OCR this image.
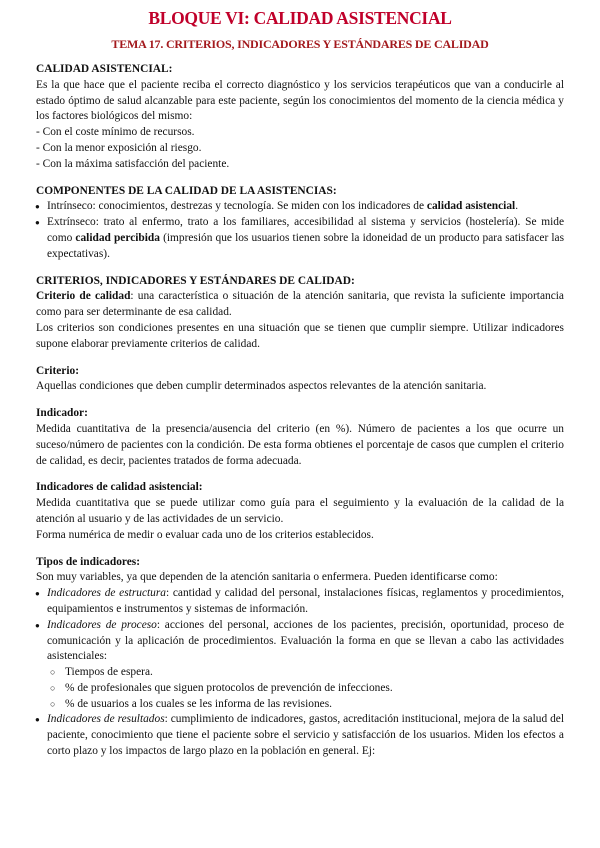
BLOQUE VI: CALIDAD ASISTENCIAL
TEMA 17. CRITERIOS, INDICADORES Y ESTÁNDARES DE CALIDAD

CALIDAD ASISTENCIAL:

Es la que hace que el paciente reciba el correcto diagnóstico y los servicios terapéuticos que van a conducirle al estado óptimo de salud alcanzable para este paciente, según los conocimientos del momento de la ciencia médica y los factores biológicos del mismo:

- Con el coste mínimo de recursos.

- Con la menor exposición al riesgo.

- Con la máxima satisfacción del paciente.

COMPONENTES DE LA CALIDAD DE LA ASISTENCIAS:

● Intrínseco: conocimientos, destrezas y tecnología. Se miden con los indicadores de calidad asistencial.
● Extrínseco: trato al enfermo, trato a los familiares, accesibilidad al sistema y servicios (hostelería). Se mide como calidad percibida (impresión que los usuarios tienen sobre la idoneidad de un producto para satisfacer las expectativas).

CRITERIOS, INDICADORES Y ESTÁNDARES DE CALIDAD:

Criterio de calidad: una característica o situación de la atención sanitaria, que revista la suficiente importancia como para ser determinante de esa calidad.

Los criterios son condiciones presentes en una situación que se tienen que cumplir siempre. Utilizar indicadores supone elaborar previamente criterios de calidad.

Criterio:

Aquellas condiciones que deben cumplir determinados aspectos relevantes de la atención sanitaria.

Indicador:

Medida cuantitativa de la presencia/ausencia del criterio (en %). Número de pacientes a los que ocurre un suceso/número de pacientes con la condición. De esta forma obtienes el porcentaje de casos que cumplen el criterio de calidad, es decir, pacientes tratados de forma adecuada.

Indicadores de calidad asistencial:

Medida cuantitativa que se puede utilizar como guía para el seguimiento y la evaluación de la calidad de la atención al usuario y de las actividades de un servicio.

Forma numérica de medir o evaluar cada uno de los criterios establecidos.

Tipos de indicadores:

Son muy variables, ya que dependen de la atención sanitaria o enfermera. Pueden identificarse como:

● Indicadores de estructura: cantidad y calidad del personal, instalaciones físicas, reglamentos y procedimientos, equipamientos e instrumentos y sistemas de información.
● Indicadores de proceso: acciones del personal, acciones de los pacientes, precisión, oportunidad, proceso de comunicación y la aplicación de procedimientos. Evaluación la forma en que se llevan a cabo las actividades asistenciales:
○ Tiempos de espera.
○ % de profesionales que siguen protocolos de prevención de infecciones.
○ % de usuarios a los cuales se les informa de las revisiones.
● Indicadores de resultados: cumplimiento de indicadores, gastos, acreditación institucional, mejora de la salud del paciente, conocimiento que tiene el paciente sobre el servicio y satisfacción de los usuarios. Miden los efectos a corto plazo y los impactos de largo plazo en la población en general. Ej:
